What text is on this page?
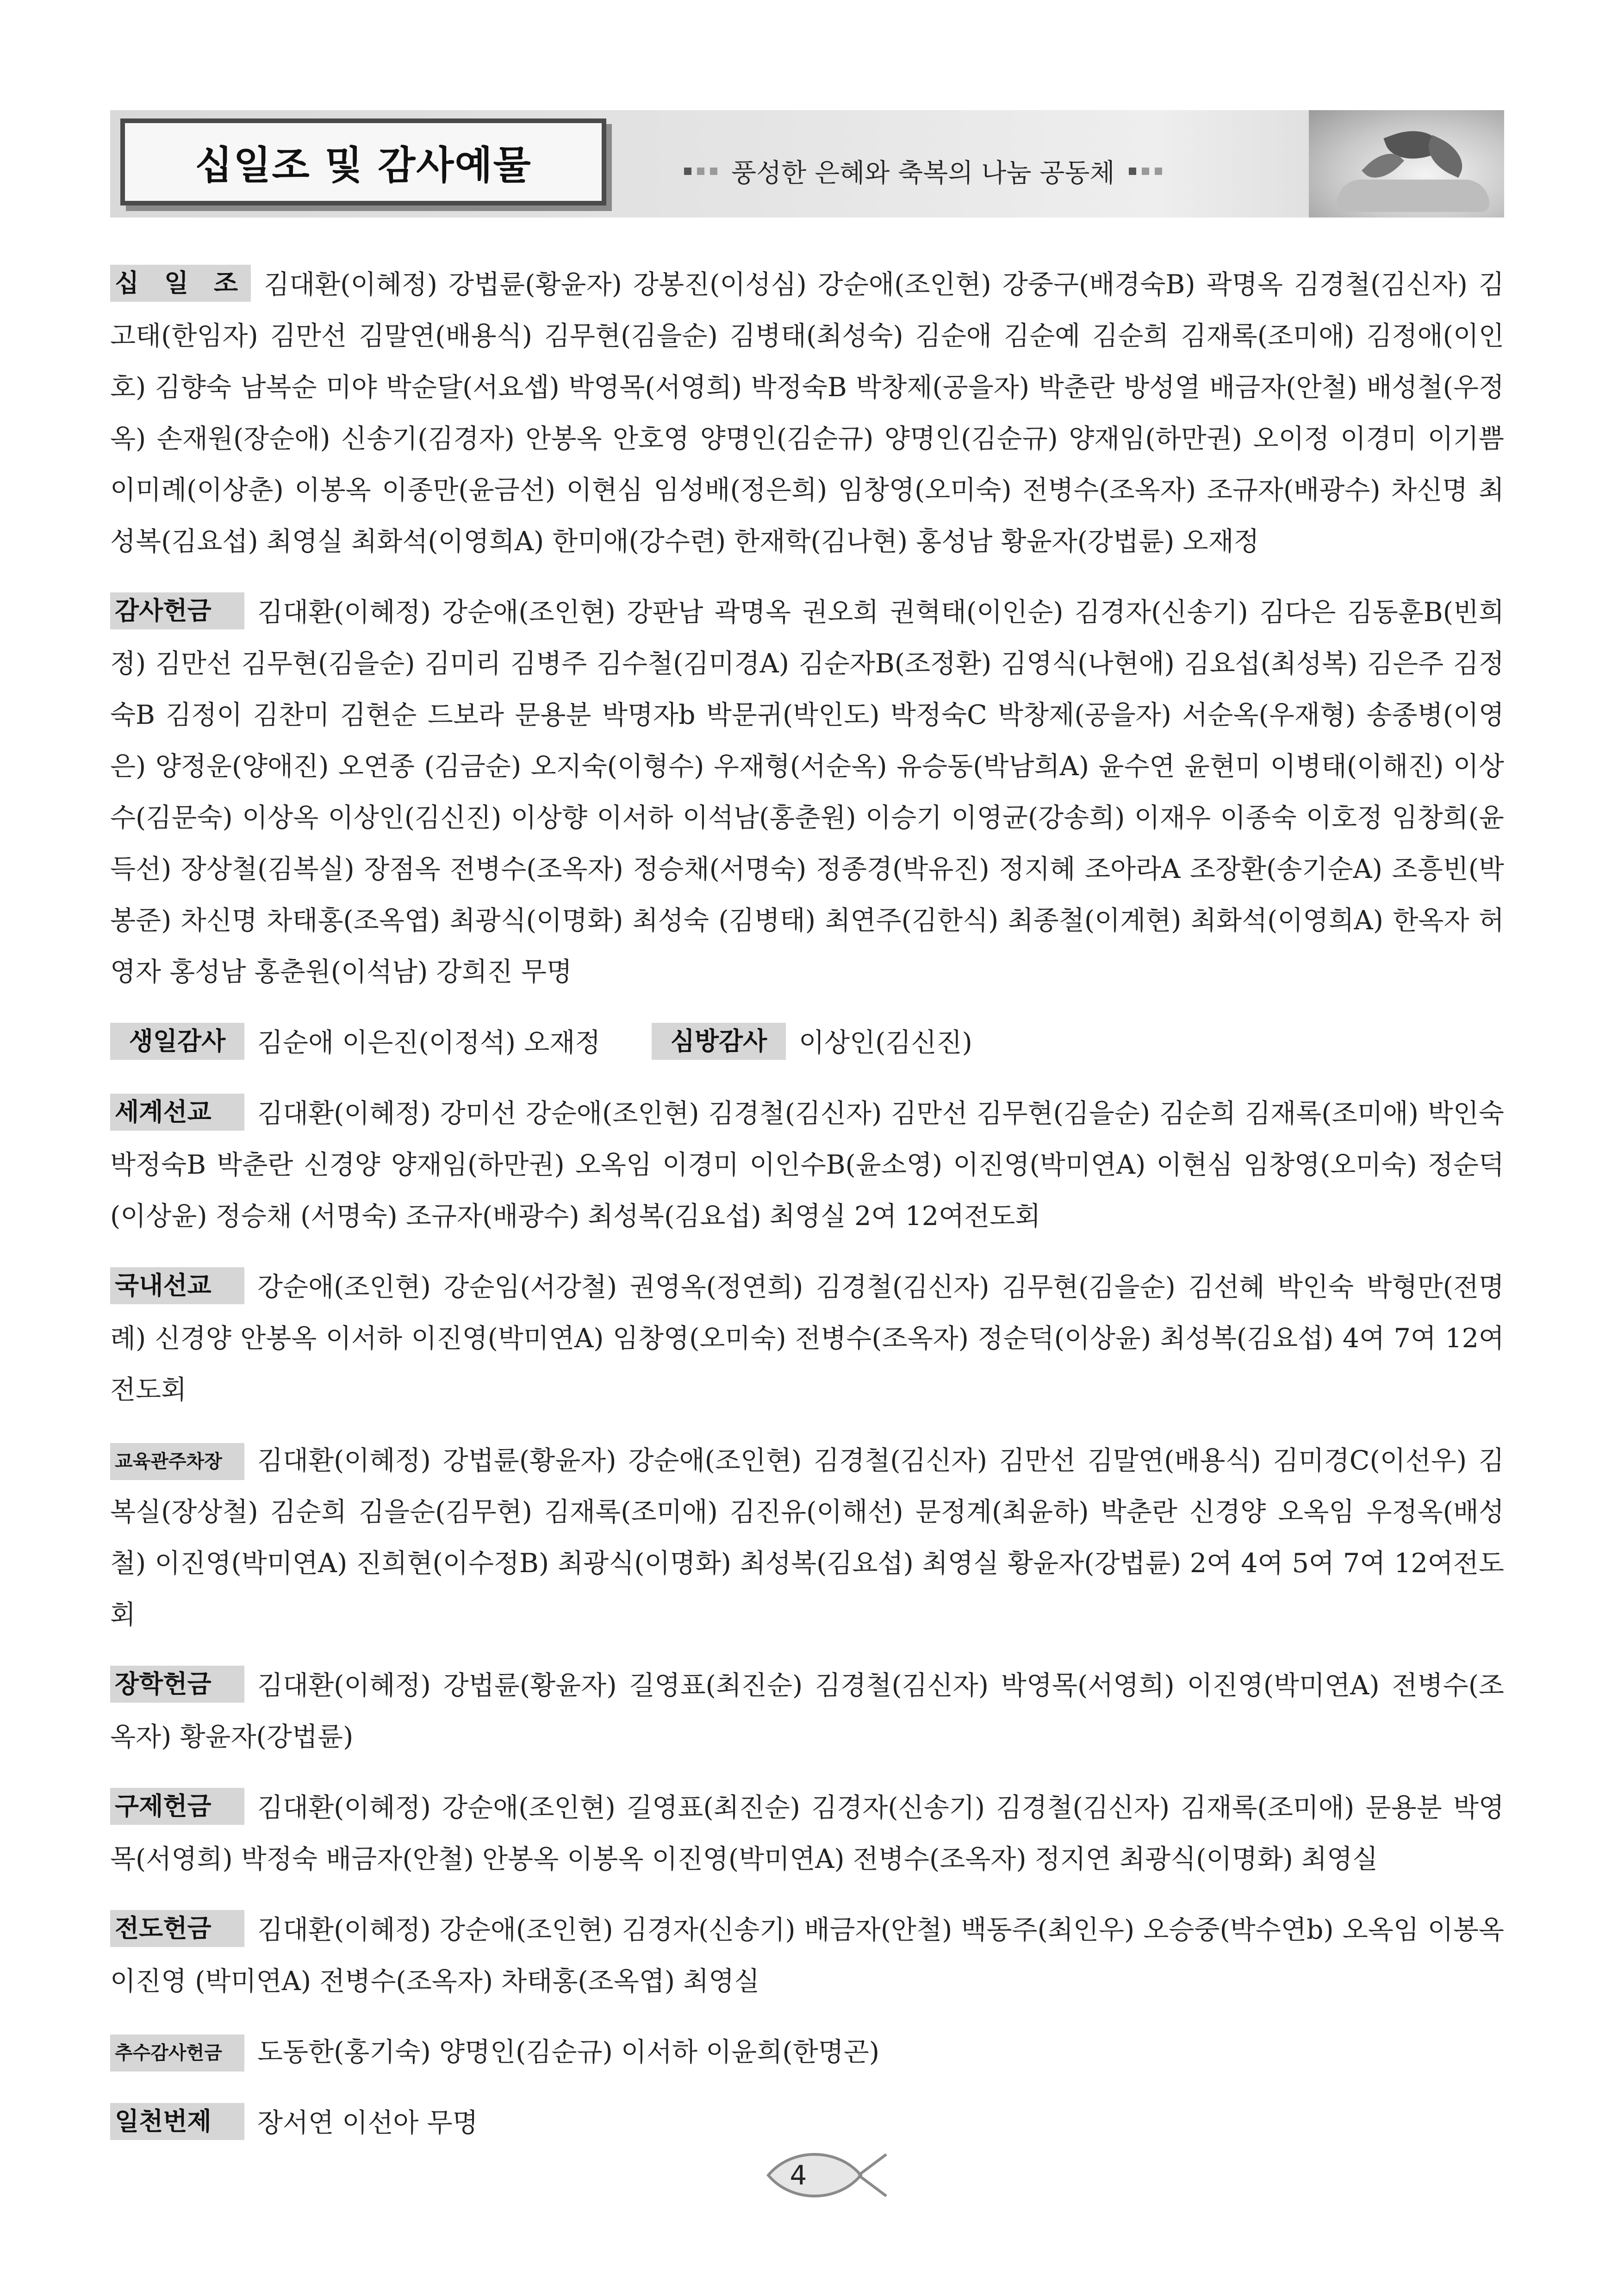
십일조 및 감사예물	풍성한 은혜와 축복의 나눔 공동체

십 일 조 김대환(이혜정) 강법륜(황윤자) 강봉진(이성심) 강순애(조인현) 강중구(배경숙B) 곽명옥 김경철(김신자) 김고태(한임자) 김만선 김말연(배용식) 김무현(김을순) 김병태(최성숙) 김순애 김순예 김순희 김재록(조미애) 김정애(이인호) 김향숙 남복순 미야 박순달(서요셉) 박영목(서영희) 박정숙B 박창제(공을자) 박춘란 방성열 배금자(안철) 배성철(우정옥) 손재원(장순애) 신송기(김경자) 안봉옥 안호영 양명인(김순규) 양명인(김순규) 양재임(하만권) 오이정 이경미 이기쁨 이미례(이상춘) 이봉옥 이종만(윤금선) 이현심 임성배(정은희) 임창영(오미숙) 전병수(조옥자) 조규자(배광수) 차신명 최성복(김요섭) 최영실 최화석(이영희A) 한미애(강수련) 한재학(김나현) 홍성남 황윤자(강법륜) 오재정

감사헌금 김대환(이혜정) 강순애(조인현) 강판남 곽명옥 권오희 권혁태(이인순) 김경자(신송기) 김다은 김동훈B(빈희정) 김만선 김무현(김을순) 김미리 김병주 김수철(김미경A) 김순자B(조정환) 김영식(나현애) 김요섭(최성복) 김은주 김정숙B 김정이 김찬미 김현순 드보라 문용분 박명자b 박문귀(박인도) 박정숙C 박창제(공을자) 서순옥(우재형) 송종병(이영은) 양정운(양애진) 오연종 (김금순) 오지숙(이형수) 우재형(서순옥) 유승동(박남희A) 윤수연 윤현미 이병태(이해진) 이상수(김문숙) 이상옥 이상인(김신진) 이상향 이서하 이석남(홍춘원) 이승기 이영균(강송희) 이재우 이종숙 이호정 임창희(윤득선) 장상철(김복실) 장점옥 전병수(조옥자) 정승채(서명숙) 정종경(박유진) 정지혜 조아라A 조장환(송기순A) 조흥빈(박봉준) 차신명 차태홍(조옥엽) 최광식(이명화) 최성숙 (김병태) 최연주(김한식) 최종철(이계현) 최화석(이영희A) 한옥자 허영자 홍성남 홍춘원(이석남) 강희진 무명

생일감사 김순애 이은진(이정석) 오재정	심방감사 이상인(김신진)

세계선교 김대환(이혜정) 강미선 강순애(조인현) 김경철(김신자) 김만선 김무현(김을순) 김순희 김재록(조미애) 박인숙 박정숙B 박춘란 신경양 양재임(하만권) 오옥임 이경미 이인수B(윤소영) 이진영(박미연A) 이현심 임창영(오미숙) 정순덕(이상윤) 정승채 (서명숙) 조규자(배광수) 최성복(김요섭) 최영실 2여 12여전도회

국내선교 강순애(조인현) 강순임(서강철) 권영옥(정연희) 김경철(김신자) 김무현(김을순) 김선혜 박인숙 박형만(전명례) 신경양 안봉옥 이서하 이진영(박미연A) 임창영(오미숙) 전병수(조옥자) 정순덕(이상윤) 최성복(김요섭) 4여 7여 12여전도회

교육관주차장 김대환(이혜정) 강법륜(황윤자) 강순애(조인현) 김경철(김신자) 김만선 김말연(배용식) 김미경C(이선우) 김복실(장상철) 김순희 김을순(김무현) 김재록(조미애) 김진유(이해선) 문정계(최윤하) 박춘란 신경양 오옥임 우정옥(배성철) 이진영(박미연A) 진희현(이수정B) 최광식(이명화) 최성복(김요섭) 최영실 황윤자(강법륜) 2여 4여 5여 7여 12여전도회

장학헌금 김대환(이혜정) 강법륜(황윤자) 길영표(최진순) 김경철(김신자) 박영목(서영희) 이진영(박미연A) 전병수(조옥자) 황윤자(강법륜)

구제헌금 김대환(이혜정) 강순애(조인현) 길영표(최진순) 김경자(신송기) 김경철(김신자) 김재록(조미애) 문용분 박영목(서영희) 박정숙 배금자(안철) 안봉옥 이봉옥 이진영(박미연A) 전병수(조옥자) 정지연 최광식(이명화) 최영실

전도헌금 김대환(이혜정) 강순애(조인현) 김경자(신송기) 배금자(안철) 백동주(최인우) 오승중(박수연b) 오옥임 이봉옥 이진영 (박미연A) 전병수(조옥자) 차태홍(조옥엽) 최영실

추수감사헌금 도동한(홍기숙) 양명인(김순규) 이서하 이윤희(한명곤)

일천번제 장서연 이선아 무명

4
